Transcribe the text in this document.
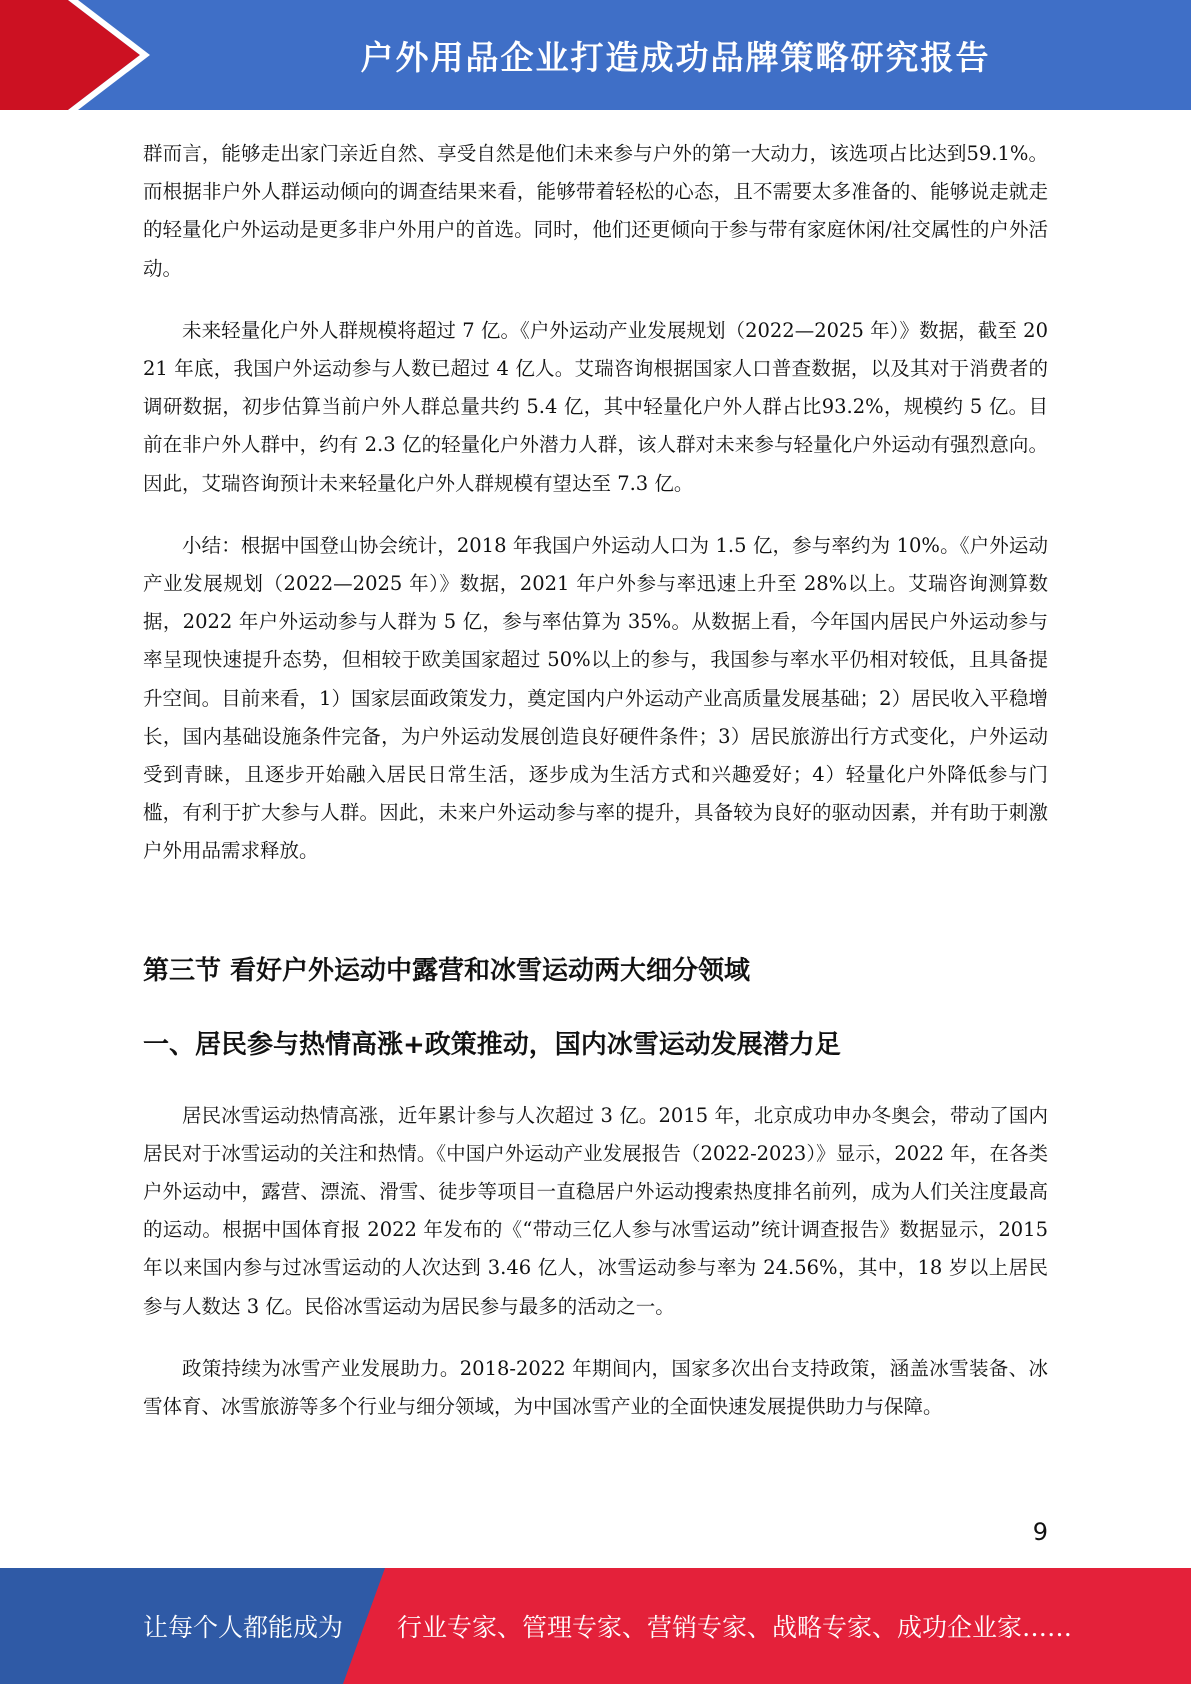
户外用品企业打造成功品牌策略研究报告

群而言，能够走出家门亲近自然、享受自然是他们未来参与户外的第一大动力，该选项占比达到59.1%。而根据非户外人群运动倾向的调查结果来看，能够带着轻松的心态，且不需要太多准备的、能够说走就走的轻量化户外运动是更多非户外用户的首选。同时，他们还更倾向于参与带有家庭休闲/社交属性的户外活动。

未来轻量化户外人群规模将超过 7 亿。《户外运动产业发展规划（2022—2025 年）》数据，截至 2021 年底，我国户外运动参与人数已超过 4 亿人。艾瑞咨询根据国家人口普查数据，以及其对于消费者的调研数据，初步估算当前户外人群总量共约 5.4 亿，其中轻量化户外人群占比93.2%，规模约 5 亿。目前在非户外人群中，约有 2.3 亿的轻量化户外潜力人群，该人群对未来参与轻量化户外运动有强烈意向。因此，艾瑞咨询预计未来轻量化户外人群规模有望达至 7.3 亿。

小结：根据中国登山协会统计，2018 年我国户外运动人口为 1.5 亿，参与率约为 10%。《户外运动产业发展规划（2022—2025 年）》数据，2021 年户外参与率迅速上升至 28%以上。艾瑞咨询测算数据，2022 年户外运动参与人群为 5 亿，参与率估算为 35%。从数据上看，今年国内居民户外运动参与率呈现快速提升态势，但相较于欧美国家超过 50%以上的参与，我国参与率水平仍相对较低，且具备提升空间。目前来看，1）国家层面政策发力，奠定国内户外运动产业高质量发展基础；2）居民收入平稳增长，国内基础设施条件完备，为户外运动发展创造良好硬件条件；3）居民旅游出行方式变化，户外运动受到青睐，且逐步开始融入居民日常生活，逐步成为生活方式和兴趣爱好；4）轻量化户外降低参与门槛，有利于扩大参与人群。因此，未来户外运动参与率的提升，具备较为良好的驱动因素，并有助于刺激户外用品需求释放。

第三节 看好户外运动中露营和冰雪运动两大细分领域
一、居民参与热情高涨+政策推动，国内冰雪运动发展潜力足

居民冰雪运动热情高涨，近年累计参与人次超过 3 亿。2015 年，北京成功申办冬奥会，带动了国内居民对于冰雪运动的关注和热情。《中国户外运动产业发展报告（2022-2023）》显示，2022 年，在各类户外运动中，露营、漂流、滑雪、徒步等项目一直稳居户外运动搜索热度排名前列，成为人们关注度最高的运动。根据中国体育报 2022 年发布的《“带动三亿人参与冰雪运动”统计调查报告》数据显示，2015 年以来国内参与过冰雪运动的人次达到 3.46 亿人，冰雪运动参与率为 24.56%，其中，18 岁以上居民参与人数达 3 亿。民俗冰雪运动为居民参与最多的活动之一。

政策持续为冰雪产业发展助力。2018-2022 年期间内，国家多次出台支持政策，涵盖冰雪装备、冰雪体育、冰雪旅游等多个行业与细分领域，为中国冰雪产业的全面快速发展提供助力与保障。

9
让每个人都能成为 行业专家、管理专家、营销专家、战略专家、成功企业家……
